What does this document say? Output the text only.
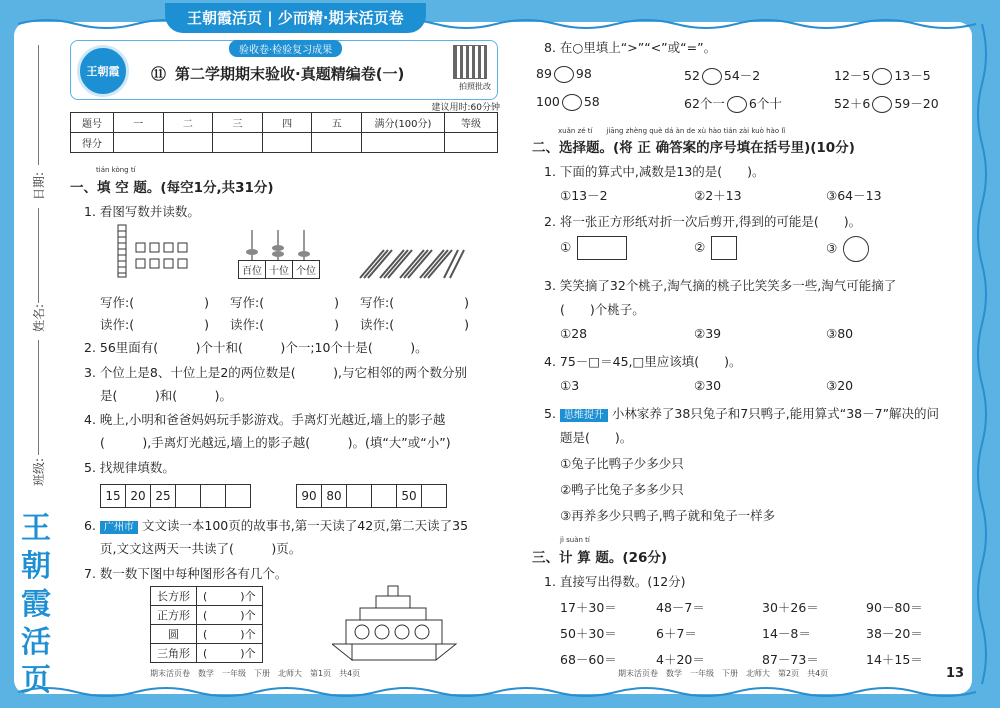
王朝霞活页 | 少而精·期末活页卷
日期:
姓名:
班级:
王
朝
霞
活
页
王朝霞
验收卷·检验复习成果
⑪ 第二学期期末验收·真题精编卷(一)
拍照批改
建议用时:60分钟
题号	一	二	三	四	五	满分(100分)	等级
得分							
tián kòng tí
一、填 空 题。(每空1分,共31分)
1. 看图写数并读数。
百位	十位	个位
写作:(	) 写作:(	) 写作:(	)
读作:(	) 读作:(	) 读作:(	)
2. 56里面有(　　　)个十和(　　　)个一;10个十是(　　　)。
3. 个位上是8、十位上是2的两位数是(　　　),与它相邻的两个数分别
是(　　　)和(　　　)。
4. 晚上,小明和爸爸妈妈玩手影游戏。手离灯光越近,墙上的影子越
(　　　),手离灯光越远,墙上的影子越(　　　)。(填“大”或“小”)
5. 找规律填数。
15	20	25				90	80			50	
6. 广州市 文文读一本100页的故事书,第一天读了42页,第二天读了35
页,文文这两天一共读了(　　　)页。
7. 数一数下图中每种图形各有几个。
长方形	(　　　)个
正方形	(　　　)个
圆	(　　　)个
三角形	(　　　)个
期末活页卷　数学　一年级　下册　北师大　第1页　共4页
8. 在○里填上“>”“<”或“=”。
89 98	52 54－2	12－5 13－5
100 58	62个一 6个十	52＋6 59－20
xuǎn zé tí　　jiāng zhèng què dá àn de xù hào tián zài kuò hào lǐ
二、选择题。(将 正 确答案的序号填在括号里)(10分)
1. 下面的算式中,减数是13的是(　　)。
①13－2	②2＋13	③64－13
2. 将一张正方形纸对折一次后剪开,得到的可能是(　　)。
①	②	③
3. 笑笑摘了32个桃子,淘气摘的桃子比笑笑多一些,淘气可能摘了
(　　)个桃子。
①28	②39	③80
4. 75－□＝45,□里应该填(　　)。
①3	②30	③20
5. 思维提升 小林家养了38只兔子和7只鸭子,能用算式“38－7”解决的问
题是(　　)。
①兔子比鸭子少多少只
②鸭子比兔子多多少只
③再养多少只鸭子,鸭子就和兔子一样多
jì suàn tí
三、计 算 题。(26分)
1. 直接写出得数。(12分)
17＋30＝	48－7＝	30＋26＝	90－80＝
50＋30＝	6＋7＝	14－8＝	38－20＝
68－60＝	4＋20＝	87－73＝	14＋15＝
期末活页卷　数学　一年级　下册　北师大　第2页　共4页	13
